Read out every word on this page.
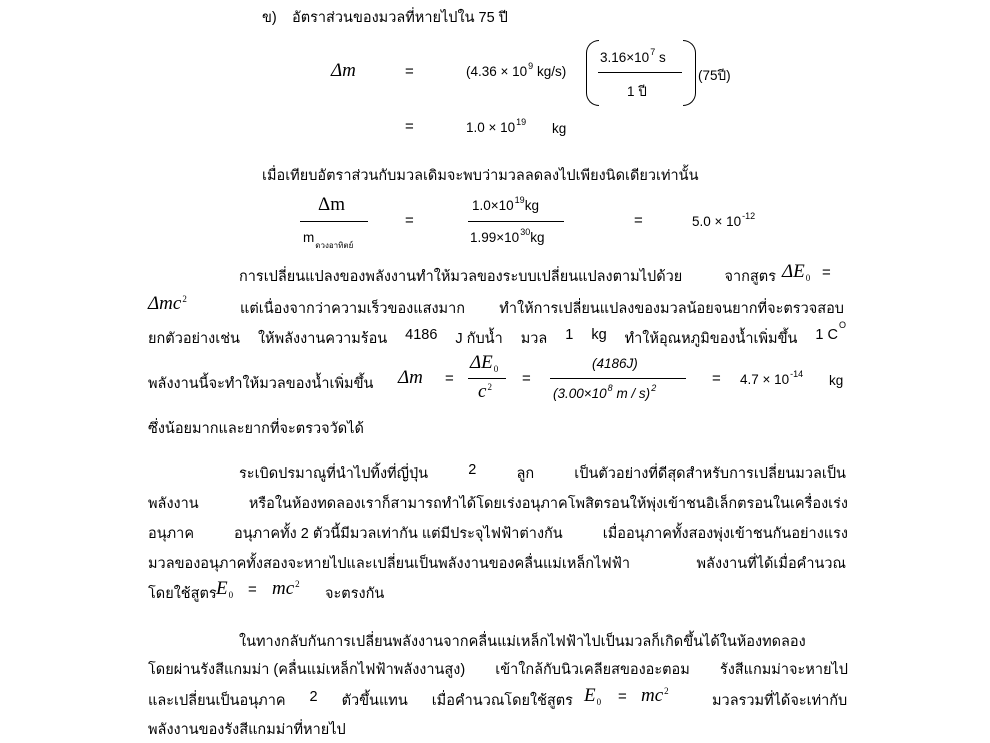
ข) อัตราส่วนของมวลที่หายไปใน 75 ปี
Δm	=	($4.36 \times 10^9$ kg/s)
$3.16\times 10^7$ s
1 ปี
(75ปี)
=	$1.0 \times 10^{19}$ kg
เมื่อเทียบอัตราส่วนกับมวลเดิมจะพบว่ามวลลดลงไปเพียงนิดเดียวเท่านั้น
Δm
$m_{ดวงอาทิตย์}$
=
$1.0\times 10^{19}kg$
$1.99\times 10^{30}kg$
=	$5.0 \times 10^{-12}$
การเปลี่ยนแปลงของพลังงานทำให้มวลของระบบเปลี่ยนแปลงตามไปด้วย	จากสูตร $\Delta E_0$ =
Δmc$^2$
แต่เนื่องจากว่าความเร็วของแสงมาก ทำให้การเปลี่ยนแปลงของมวลน้อยจนยากที่จะตรวจสอบ
ยกตัวอย่างเช่น ให้พลังงานความร้อน 4186 J กับน้ำ มวล 1 kg ทำให้อุณหภูมิของน้ำเพิ่มขึ้น 1 C
O
พลังงานนี้จะทำให้มวลของน้ำเพิ่มขึ้น Δm =
$\Delta E_0$
$c^2$ =
(4186J)
($3.00\times 10^8$ m / s)$^2$
= $4.7 \times 10^{-14}$ kg
ซึ่งน้อยมากและยากที่จะตรวจวัดได้
ระเบิดปรมาณูที่นำไปทิ้งที่ญี่ปุ่น	2	ลูก	เป็นตัวอย่างที่ดีสุดสำหรับการเปลี่ยนมวลเป็น
พลังงาน	หรือในห้องทดลองเราก็สามารถทำได้โดยเร่งอนุภาคโพสิตรอนให้พุ่งเข้าชนอิเล็กตรอนในเครื่องเร่ง
อนุภาค	อนุภาคทั้ง 2 ตัวนี้มีมวลเท่ากัน แต่มีประจุไฟฟ้าต่างกัน	เมื่ออนุภาคทั้งสองพุ่งเข้าชนกันอย่างแรง
มวลของอนุภาคทั้งสองจะหายไปและเปลี่ยนเป็นพลังงานของคลื่นแม่เหล็กไฟฟ้า	พลังงานที่ได้เมื่อคำนวณ
โดยใช้สูตร $E_0 = mc^2$
จะตรงกัน
ในทางกลับกันการเปลี่ยนพลังงานจากคลื่นแม่เหล็กไฟฟ้าไปเป็นมวลก็เกิดขึ้นได้ในห้องทดลอง
โดยผ่านรังสีแกมม่า (คลื่นแม่เหล็กไฟฟ้าพลังงานสูง) เข้าใกล้กับนิวเคลียสของอะตอม รังสีแกมม่าจะหายไป
และเปลี่ยนเป็นอนุภาค 2 ตัวขึ้นแทน เมื่อคำนวณโดยใช้สูตร $E_0 = mc^2$
มวลรวมที่ได้จะเท่ากับ
พลังงานของรังสีแกมม่าที่หายไป
